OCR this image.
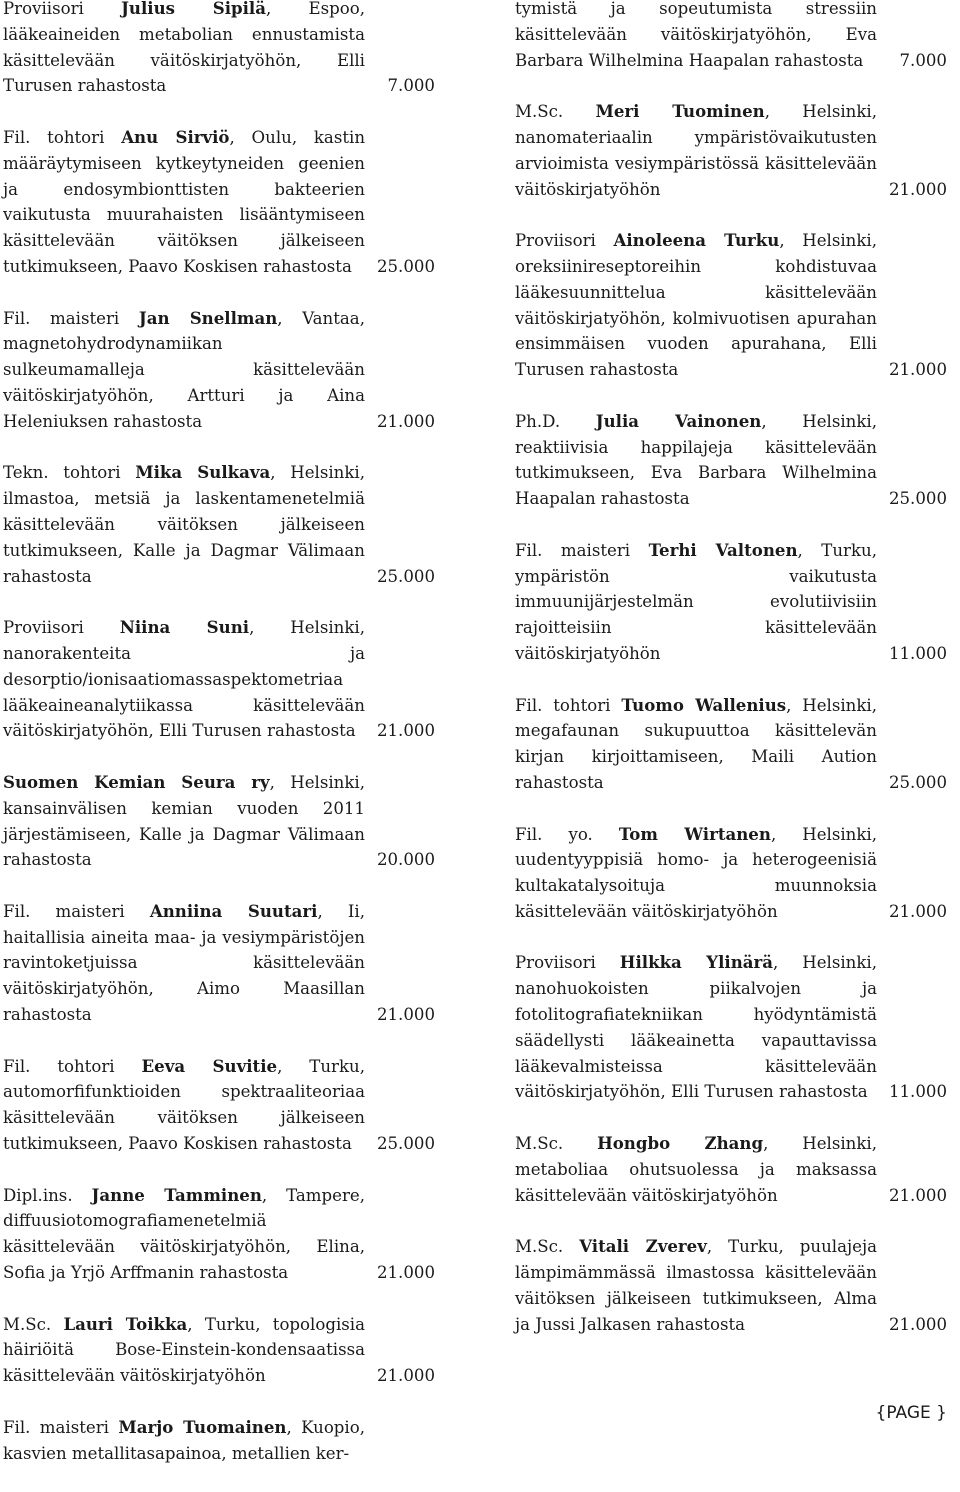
Proviisori Julius Sipilä, Espoo, lääkeaineiden metabolian ennustamista käsittelevään väitöskirjatyöhön, Elli Turusen rahastosta	7.000
Fil. tohtori Anu Sirviö, Oulu, kastin määräytymiseen kytkeytyneiden geenien ja endosymbionttisten bakteerien vaikutusta muurahaisten lisääntymiseen käsittelevään väitöksen jälkeiseen tutkimukseen, Paavo Koskisen rahastosta	25.000
Fil. maisteri Jan Snellman, Vantaa, magnetohydrodynamiikan sulkeumamalleja käsittelevään väitöskirjatyöhön, Artturi ja Aina Heleniuksen rahastosta	21.000
Tekn. tohtori Mika Sulkava, Helsinki, ilmastoa, metsiä ja laskentamenetelmiä käsittelevään väitöksen jälkeiseen tutkimukseen, Kalle ja Dagmar Välimaan rahastosta	25.000
Proviisori Niina Suni, Helsinki, nanorakenteita ja desorptio/ionisaatiomassaspektometriaa lääkeaineanalytiikassa käsittelevään väitöskirjatyöhön, Elli Turusen rahastosta	21.000
Suomen Kemian Seura ry, Helsinki, kansainvälisen kemian vuoden 2011 järjestämiseen, Kalle ja Dagmar Välimaan rahastosta	20.000
Fil. maisteri Anniina Suutari, Ii, haitallisia aineita maa- ja vesiympäristöjen ravintoketjuissa käsittelevään väitöskirjatyöhön, Aimo Maasillan rahastosta	21.000
Fil. tohtori Eeva Suvitie, Turku, automorfifunktioiden spektraaliteoriaa käsittelevään väitöksen jälkeiseen tutkimukseen, Paavo Koskisen rahastosta	25.000
Dipl.ins. Janne Tamminen, Tampere, diffuusiotomografiamenetelmiä käsittelevään väitöskirjatyöhön, Elina, Sofia ja Yrjö Arffmanin rahastosta	21.000
M.Sc. Lauri Toikka, Turku, topologisia häiriöitä Bose-Einstein-kondensaatissa käsittelevään väitöskirjatyöhön	21.000
Fil. maisteri Marjo Tuomainen, Kuopio, kasvien metallitasapainoa, metallien ker-
tymistä ja sopeutumista stressiin käsittelevään väitöskirjatyöhön, Eva Barbara Wilhelmina Haapalan rahastosta	7.000
M.Sc. Meri Tuominen, Helsinki, nanomateriaalin ympäristövaikutusten arvioimista vesiympäristössä käsittelevään väitöskirjatyöhön	21.000
Proviisori Ainoleena Turku, Helsinki, oreksiinireseptoreihin kohdistuvaa lääkesuunnittelua käsittelevään väitöskirjatyöhön, kolmivuotisen apurahan ensimmäisen vuoden apurahana, Elli Turusen rahastosta	21.000
Ph.D. Julia Vainonen, Helsinki, reaktiivisia happilajeja käsittelevään tutkimukseen, Eva Barbara Wilhelmina Haapalan rahastosta	25.000
Fil. maisteri Terhi Valtonen, Turku, ympäristön vaikutusta immuunijärjestelmän evolutiivisiin rajoitteisiin käsittelevään väitöskirjatyöhön	11.000
Fil. tohtori Tuomo Wallenius, Helsinki, megafaunan sukupuuttoa käsittelevän kirjan kirjoittamiseen, Maili Aution rahastosta	25.000
Fil. yo. Tom Wirtanen, Helsinki, uudentyyppisiä homo- ja heterogeenisiä kultakatalysoituja muunnoksia käsittelevään väitöskirjatyöhön	21.000
Proviisori Hilkka Ylinärä, Helsinki, nanohuokoisten piikalvojen ja fotolitografiatekniikan hyödyntämistä säädellysti lääkeainetta vapauttavissa lääkevalmisteissa käsittelevään väitöskirjatyöhön, Elli Turusen rahastosta	11.000
M.Sc. Hongbo Zhang, Helsinki, metaboliaa ohutsuolessa ja maksassa käsittelevään väitöskirjatyöhön	21.000
M.Sc. Vitali Zverev, Turku, puulajeja lämpimämmässä ilmastossa käsittelevään väitöksen jälkeiseen tutkimukseen, Alma ja Jussi Jalkasen rahastosta	21.000
{PAGE }
